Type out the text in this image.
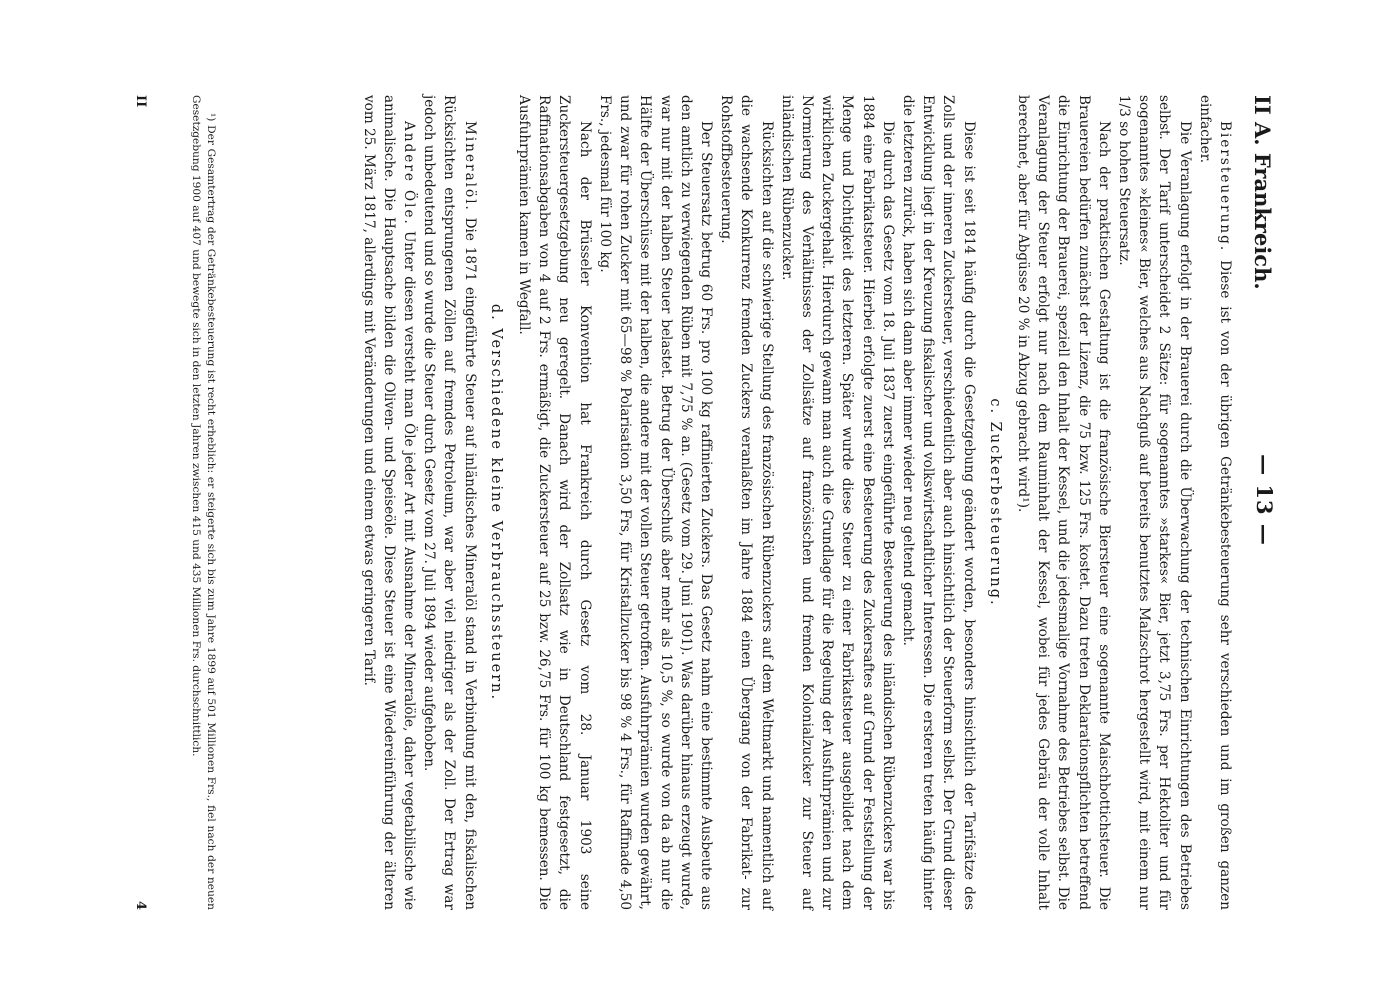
— 13 —
II A. Frankreich.

Biersteuerung. Diese ist von der übrigen Getränkebesteuerung sehr verschieden und im großen ganzen einfacher.

Die Veranlagung erfolgt in der Brauerei durch die Überwachung der technischen Einrichtungen des Betriebes selbst. Der Tarif unterscheidet 2 Sätze: für sogenanntes »starkes« Bier, jetzt 3,75 Frs. per Hektoliter und für sogenanntes »kleines« Bier, welches aus Nachguß auf bereits benutztes Malzschrot hergestellt wird, mit einem nur 1/3 so hohen Steuersatz.

Nach der praktischen Gestaltung ist die französische Biersteuer eine sogenannte Maischbottichsteuer. Die Brauereien bedürfen zunächst der Lizenz, die 75 bzw. 125 Frs. kostet. Dazu treten Deklarationspflichten betreffend die Einrichtung der Brauerei, speziell den Inhalt der Kessel, und die jedesmalige Vornahme des Betriebes selbst. Die Veranlagung der Steuer erfolgt nur nach dem Rauminhalt der Kessel, wobei für jedes Gebräu der volle Inhalt berechnet, aber für Abgüsse 20 % in Abzug gebracht wird¹).

c. Zuckerbesteuerung.

Diese ist seit 1814 häufig durch die Gesetzgebung geändert worden, besonders hinsichtlich der Tarifsätze des Zolls und der inneren Zuckersteuer, verschiedentlich aber auch hinsichtlich der Steuerform selbst. Der Grund dieser Entwicklung liegt in der Kreuzung fiskalischer und volkswirtschaftlicher Interessen. Die ersteren treten häufig hinter die letzteren zurück, haben sich dann aber immer wieder neu geltend gemacht.

Die durch das Gesetz vom 18. Juli 1837 zuerst eingeführte Besteuerung des inländischen Rübenzuckers war bis 1884 eine Fabrikatsteuer. Hierbei erfolgte zuerst eine Besteuerung des Zuckersaftes auf Grund der Feststellung der Menge und Dichtigkeit des letzteren. Später wurde diese Steuer zu einer Fabrikatsteuer ausgebildet nach dem wirklichen Zuckergehalt. Hierdurch gewann man auch die Grundlage für die Regelung der Ausfuhrprämien und zur Normierung des Verhältnisses der Zollsätze auf französischen und fremden Kolonialzucker zur Steuer auf inländischen Rübenzucker.

Rücksichten auf die schwierige Stellung des französischen Rübenzuckers auf dem Weltmarkt und namentlich auf die wachsende Konkurrenz fremden Zuckers veranlaßten im Jahre 1884 einen Übergang von der Fabrikat- zur Rohstoffbesteuerung.

Der Steuersatz betrug 60 Frs. pro 100 kg raffinierten Zuckers. Das Gesetz nahm eine bestimmte Ausbeute aus den amtlich zu verwiegenden Rüben mit 7,75 % an. (Gesetz vom 29. Juni 1901). Was darüber hinaus erzeugt wurde, war nur mit der halben Steuer belastet. Betrug der Überschuß aber mehr als 10,5 %, so wurde von da ab nur die Hälfte der Überschüsse mit der halben, die andere mit der vollen Steuer getroffen. Ausfuhrprämien wurden gewährt, und zwar für rohen Zucker mit 65—98 % Polarisation 3,50 Frs, für Kristallzucker bis 98 % 4 Frs., für Raffinade 4,50 Frs., jedesmal für 100 kg.

Nach der Brüsseler Konvention hat Frankreich durch Gesetz vom 28. Januar 1903 seine Zuckersteuergesetzgebung neu geregelt. Danach wird der Zollsatz wie in Deutschland festgesetzt, die Raffinationsabgaben von 4 auf 2 Frs. ermäßigt, die Zuckersteuer auf 25 bzw. 26,75 Frs. für 100 kg bemessen. Die Ausfuhrprämien kamen in Wegfall.

d. Verschiedene kleine Verbrauchssteuern.

Mineralöl. Die 1871 eingeführte Steuer auf inländisches Mineralöl stand in Verbindung mit den, fiskalischen Rücksichten entsprungenen Zöllen auf fremdes Petroleum, war aber viel niedriger als der Zoll. Der Ertrag war jedoch unbedeutend und so wurde die Steuer durch Gesetz vom 27. Juli 1894 wieder aufgehoben.

Andere Öle. Unter diesen versteht man Öle jeder Art mit Ausnahme der Mineralöle, daher vegetabilische wie animalische. Die Hauptsache bilden die Oliven- und Speiseöle. Diese Steuer ist eine Wiedereinführung der älteren vom 25. März 1817, allerdings mit Veränderungen und einem etwas geringeren Tarif.

¹) Der Gesamtertrag der Getränkebesteuerung ist recht erheblich: er steigerte sich bis zum Jahre 1899 auf 501 Millionen Frs., fiel nach der neuen Gesetzgebung 1900 auf 407 und bewegte sich in den letzten Jahren zwischen 415 und 435 Millionen Frs. durchschnittlich.

II
4
